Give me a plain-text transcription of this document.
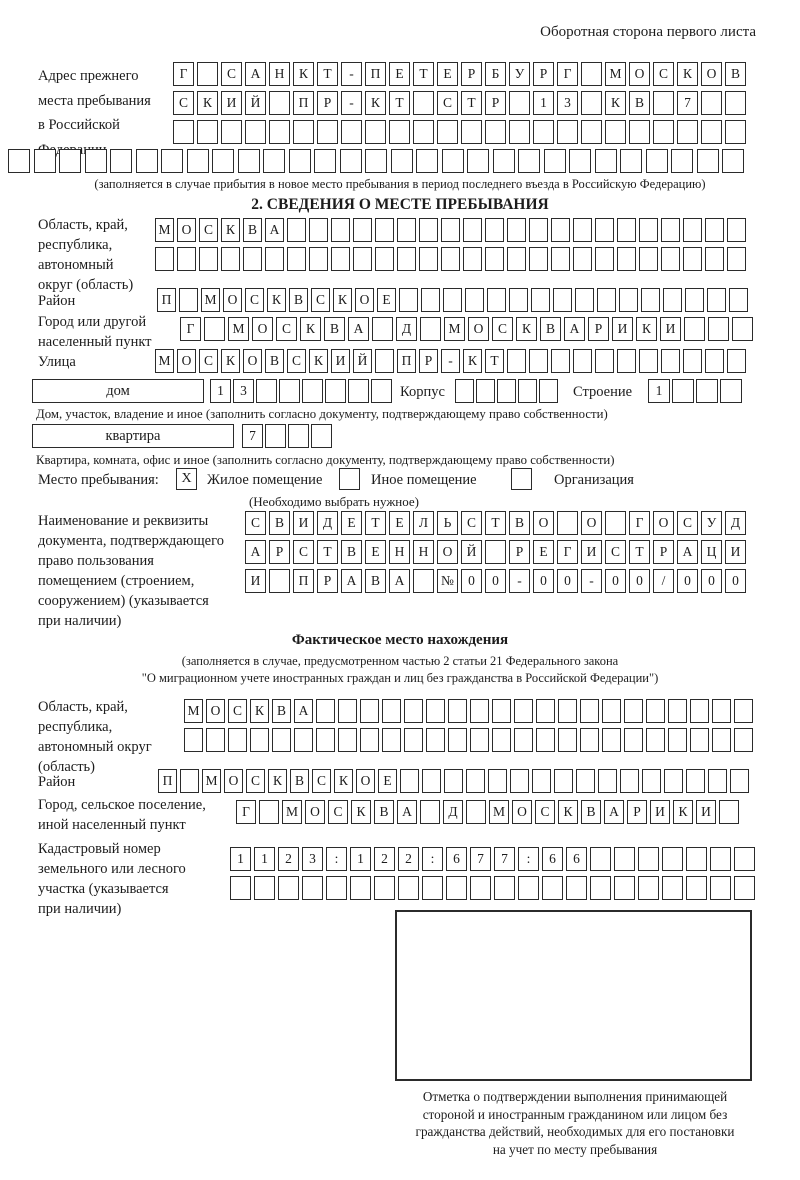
Оборотная сторона первого листа
Адрес прежнего
места пребывания
в Российской
Г	С	А	Н	К	Т	-	П	Е	Т	Е	Р	Б	У	Р	Г	М О	С	К	О	В
С	К	И	Й	П	Р	-	К	Т	С	Т	Р	1	3	К	В	7
(заполняется в случае прибытия в новое место пребывания в период последнего въезда в Российскую Федерацию)
2. СВЕДЕНИЯ О МЕСТЕ ПРЕБЫВАНИЯ
Область, край,
республика,
автономный
округ (область)
М О С К В А
Район	П	М О С К В С К О Е
Город или другой
населенный пункт
Г	М О	С	К	В	А	Д	М О	С	К	В	А	Р	И	К	И
Улица	М О С К О В С К И Й	П Р	-	К Т
дом	1	3	Корпус	Строение	1
Дом, участок, владение и иное (заполнить согласно документу, подтверждающему право собственности)
квартира	7
Квартира, комната, офис и иное (заполнить согласно документу, подтверждающему право собственности)
Место пребывания:	X	Жилое помещение	Иное помещение	Организация
(Необходимо выбрать нужное)
Наименование и реквизиты
документа, подтверждающего
право пользования
помещением (строением,
сооружением) (указывается
при наличии)
С	В	И	Д	Е	Т	Е	Л	Ь	С	Т	В	О	О	Г	О	С	У	Д
А	Р	С	Т	В	Е	Н	Н	О	Й	Р	Е	Г	И	С	Т	Р	А	Ц	И
И	П	Р	А	В	А	№	0	0	-	0	0	-	0	0	/	0	0	0
Фактическое место нахождения
(заполняется в случае, предусмотренном частью 2 статьи 21 Федерального закона
"О миграционном учете иностранных граждан и лиц без гражданства в Российской Федерации")
Область, край,
республика,
автономный округ
(область)
М О С К В А
Район	П	М О С К В С К О Е
Город, сельское поселение,
иной населенный пункт
Г	М О	С	К	В	А	Д	М О	С	К	В	А	Р	И	К	И
Кадастровый номер
земельного или лесного
участка (указывается
при наличии)
1	1	2	3	:	1	2	2	:	6	7	7	:	6	6
Отметка о подтверждении выполнения принимающей
стороной и иностранным гражданином или лицом без
гражданства действий, необходимых для его постановки
на учет по месту пребывания
